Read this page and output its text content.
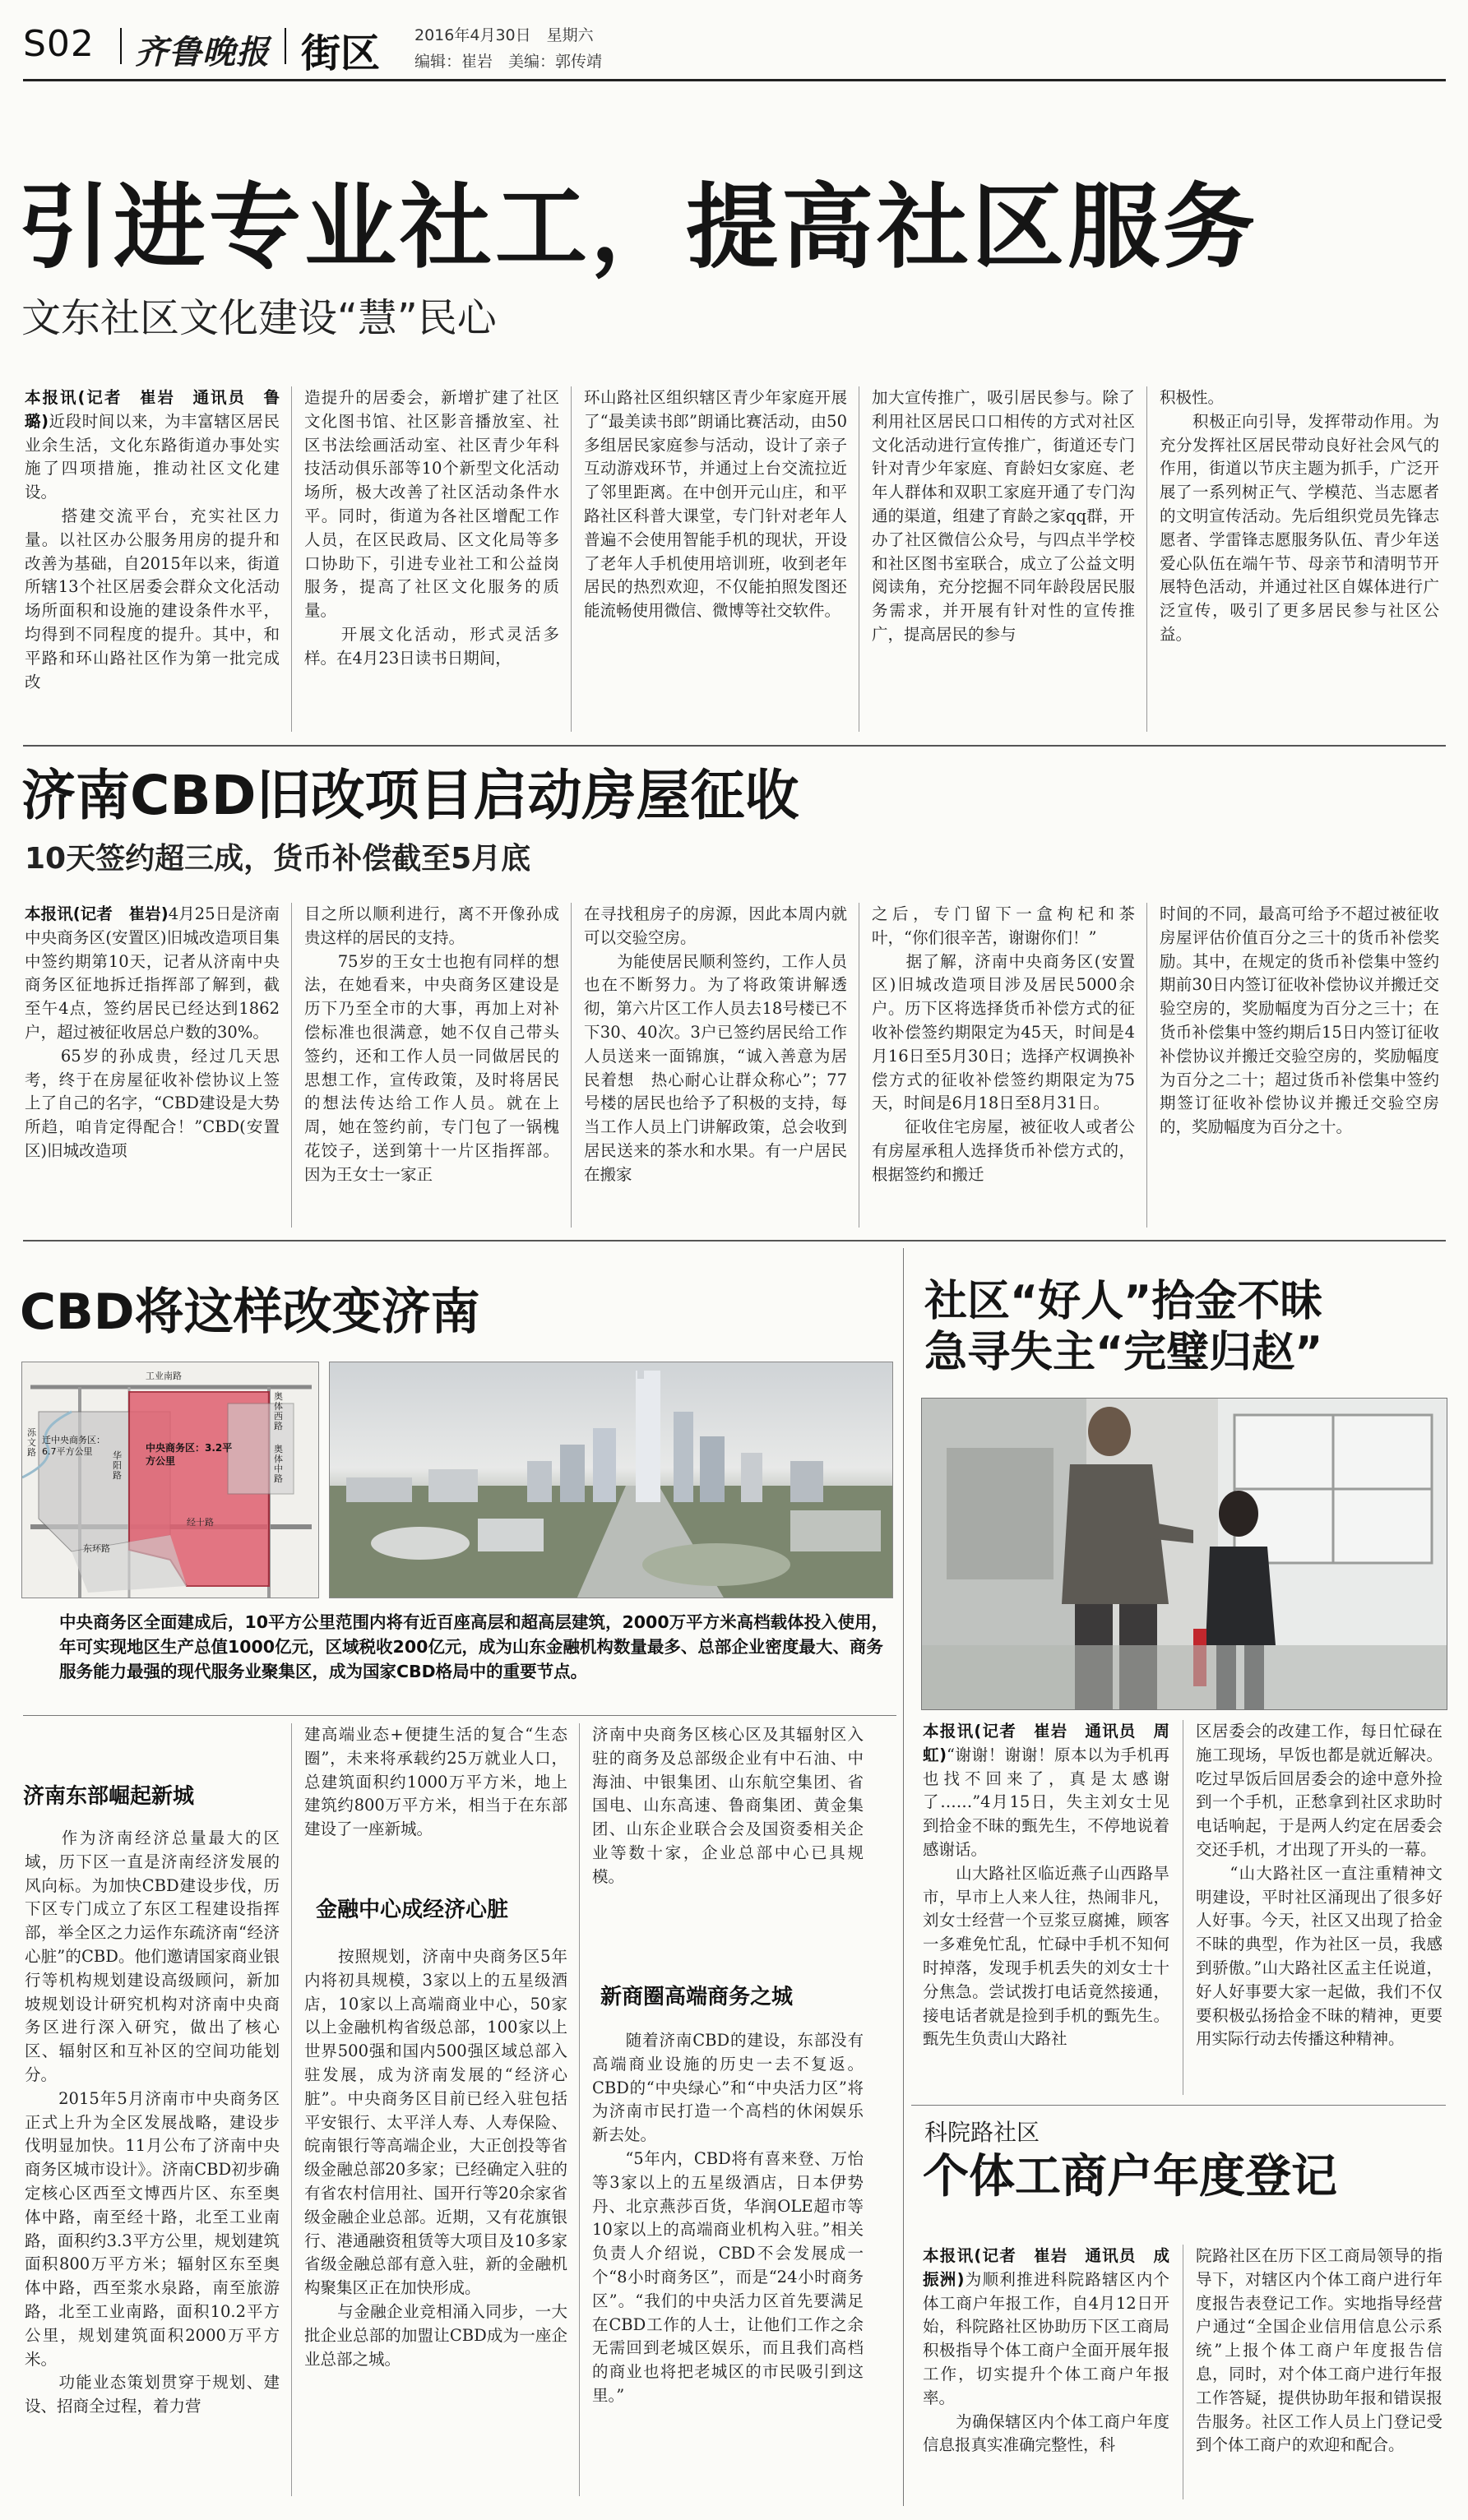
S02 齐鲁晚报 街区 2016年4月30日　星期六
编辑：崔岩　美编：郭传靖
引进专业社工，提高社区服务
文东社区文化建设“慧”民心
本报讯(记者　崔岩　通讯员　鲁璐)近段时间以来，为丰富辖区居民业余生活，文化东路街道办事处实施了四项措施，推动社区文化建设。
　　搭建交流平台，充实社区力量。以社区办公服务用房的提升和改善为基础，自2015年以来，街道所辖13个社区居委会群众文化活动场所面积和设施的建设条件水平，均得到不同程度的提升。其中，和平路和环山路社区作为第一批完成改
造提升的居委会，新增扩建了社区文化图书馆、社区影音播放室、社区书法绘画活动室、社区青少年科技活动俱乐部等10个新型文化活动场所，极大改善了社区活动条件水平。同时，街道为各社区增配工作人员，在区民政局、区文化局等多口协助下，引进专业社工和公益岗服务，提高了社区文化服务的质量。
　　开展文化活动，形式灵活多样。在4月23日读书日期间，
环山路社区组织辖区青少年家庭开展了“最美读书郎”朗诵比赛活动，由50多组居民家庭参与活动，设计了亲子互动游戏环节，并通过上台交流拉近了邻里距离。在中创开元山庄，和平路社区科普大课堂，专门针对老年人普遍不会使用智能手机的现状，开设了老年人手机使用培训班，收到老年居民的热烈欢迎，不仅能拍照发图还能流畅使用微信、微博等社交软件。
加大宣传推广，吸引居民参与。除了利用社区居民口口相传的方式对社区文化活动进行宣传推广，街道还专门针对青少年家庭、育龄妇女家庭、老年人群体和双职工家庭开通了专门沟通的渠道，组建了育龄之家qq群，开办了社区微信公众号，与四点半学校和社区图书室联合，成立了公益文明阅读角，充分挖掘不同年龄段居民服务需求，并开展有针对性的宣传推广，提高居民的参与
积极性。
　　积极正向引导，发挥带动作用。为充分发挥社区居民带动良好社会风气的作用，街道以节庆主题为抓手，广泛开展了一系列树正气、学模范、当志愿者的文明宣传活动。先后组织党员先锋志愿者、学雷锋志愿服务队伍、青少年送爱心队伍在端午节、母亲节和清明节开展特色活动，并通过社区自媒体进行广泛宣传，吸引了更多居民参与社区公益。
济南CBD旧改项目启动房屋征收
10天签约超三成，货币补偿截至5月底
本报讯(记者　崔岩)4月25日是济南中央商务区(安置区)旧城改造项目集中签约期第10天，记者从济南中央商务区征地拆迁指挥部了解到，截至午4点，签约居民已经达到1862户，超过被征收居总户数的30%。
　　65岁的孙成贵，经过几天思考，终于在房屋征收补偿协议上签上了自己的名字，“CBD建设是大势所趋，咱肯定得配合！”CBD(安置区)旧城改造项
目之所以顺利进行，离不开像孙成贵这样的居民的支持。
　　75岁的王女士也抱有同样的想法，在她看来，中央商务区建设是历下乃至全市的大事，再加上对补偿标准也很满意，她不仅自己带头签约，还和工作人员一同做居民的思想工作，宣传政策，及时将居民的想法传达给工作人员。就在上周，她在签约前，专门包了一锅槐花饺子，送到第十一片区指挥部。因为王女士一家正
在寻找租房子的房源，因此本周内就可以交验空房。
　　为能使居民顺利签约，工作人员也在不断努力。为了将政策讲解透彻，第六片区工作人员去18号楼已不下30、40次。3户已签约居民给工作人员送来一面锦旗，“诚入善意为居民着想　热心耐心让群众称心”；77号楼的居民也给予了积极的支持，每当工作人员上门讲解政策，总会收到居民送来的茶水和水果。有一户居民在搬家
之后，专门留下一盒枸杞和茶叶，“你们很辛苦，谢谢你们！”
　　据了解，济南中央商务区(安置区)旧城改造项目涉及居民5000余户。历下区将选择货币补偿方式的征收补偿签约期限定为45天，时间是4月16日至5月30日；选择产权调换补偿方式的征收补偿签约期限定为75天，时间是6月18日至8月31日。
　　征收住宅房屋，被征收人或者公有房屋承租人选择货币补偿方式的，根据签约和搬迁
时间的不同，最高可给予不超过被征收房屋评估价值百分之三十的货币补偿奖励。其中，在规定的货币补偿集中签约期前30日内签订征收补偿协议并搬迁交验空房的，奖励幅度为百分之三十；在货币补偿集中签约期后15日内签订征收补偿协议并搬迁交验空房的，奖励幅度为百分之二十；超过货币补偿集中签约期签订征收补偿协议并搬迁交验空房的，奖励幅度为百分之十。
CBD将这样改变济南
工业南路
奥体西路
奥体中路
经十路
华阳路
中央商务区：3.2平方公里
泺文路
迁中央商务区：6.7平方公里
东环路
中央商务区全面建成后，10平方公里范围内将有近百座高层和超高层建筑，2000万平方米高档载体投入使用，年可实现地区生产总值1000亿元，区域税收200亿元，成为山东金融机构数量最多、总部企业密度最大、商务服务能力最强的现代服务业聚集区，成为国家CBD格局中的重要节点。
济南东部崛起新城
　　作为济南经济总量最大的区域，历下区一直是济南经济发展的风向标。为加快CBD建设步伐，历下区专门成立了东区工程建设指挥部，举全区之力运作东疏济南“经济心脏”的CBD。他们邀请国家商业银行等机构规划建设高级顾问，新加坡规划设计研究机构对济南中央商务区进行深入研究，做出了核心区、辐射区和互补区的空间功能划分。
　　2015年5月济南市中央商务区正式上升为全区发展战略，建设步伐明显加快。11月公布了济南中央商务区城市设计》。济南CBD初步确定核心区西至文博西片区、东至奥体中路，南至经十路，北至工业南路，面积约3.3平方公里，规划建筑面积800万平方米；辐射区东至奥体中路，西至浆水泉路，南至旅游路，北至工业南路，面积10.2平方公里，规划建筑面积2000万平方米。
　　功能业态策划贯穿于规划、建设、招商全过程，着力营
建高端业态+便捷生活的复合“生态圈”，未来将承载约25万就业人口，总建筑面积约1000万平方米，地上建筑约800万平方米，相当于在东部建设了一座新城。
金融中心成经济心脏
　　按照规划，济南中央商务区5年内将初具规模，3家以上的五星级酒店，10家以上高端商业中心，50家以上金融机构省级总部，100家以上世界500强和国内500强区域总部入驻发展，成为济南发展的“经济心脏”。中央商务区目前已经入驻包括平安银行、太平洋人寿、人寿保险、皖南银行等高端企业，大正创投等省级金融总部20多家；已经确定入驻的有省农村信用社、国开行等20余家省级金融企业总部。近期，又有花旗银行、港通融资租赁等大项目及10多家省级金融总部有意入驻，新的金融机构聚集区正在加快形成。
　　与金融企业竞相涌入同步，一大批企业总部的加盟让CBD成为一座企业总部之城。
济南中央商务区核心区及其辐射区入驻的商务及总部级企业有中石油、中海油、中银集团、山东航空集团、省国电、山东高速、鲁商集团、黄金集团、山东企业联合会及国资委相关企业等数十家，企业总部中心已具规模。
新商圈高端商务之城
　　随着济南CBD的建设，东部没有高端商业设施的历史一去不复返。CBD的“中央绿心”和“中央活力区”将为济南市民打造一个高档的休闲娱乐新去处。
　　“5年内，CBD将有喜来登、万怡等3家以上的五星级酒店，日本伊势丹、北京燕莎百货，华润OLE超市等10家以上的高端商业机构入驻。”相关负责人介绍说，CBD不会发展成一个“8小时商务区”，而是“24小时商务区”。“我们的中央活力区首先要满足在CBD工作的人士，让他们工作之余无需回到老城区娱乐，而且我们高档的商业也将把老城区的市民吸引到这里。”
社区“好人”拾金不昧
急寻失主“完璧归赵”
本报讯(记者　崔岩　通讯员　周虹)“谢谢！谢谢！原本以为手机再也找不回来了，真是太感谢了……”4月15日，失主刘女士见到拾金不昧的甄先生，不停地说着感谢话。
　　山大路社区临近燕子山西路旱市，早市上人来人往，热闹非凡，刘女士经营一个豆浆豆腐摊，顾客一多难免忙乱，忙碌中手机不知何时掉落，发现手机丢失的刘女士十分焦急。尝试拨打电话竟然接通，接电话者就是捡到手机的甄先生。甄先生负责山大路社
区居委会的改建工作，每日忙碌在施工现场，早饭也都是就近解决。吃过早饭后回居委会的途中意外捡到一个手机，正愁拿到社区求助时电话响起，于是两人约定在居委会交还手机，才出现了开头的一幕。
　　“山大路社区一直注重精神文明建设，平时社区涌现出了很多好人好事。今天，社区又出现了拾金不昧的典型，作为社区一员，我感到骄傲。”山大路社区孟主任说道，好人好事要大家一起做，我们不仅要积极弘扬拾金不昧的精神，更要用实际行动去传播这种精神。
科院路社区
个体工商户年度登记
本报讯(记者　崔岩　通讯员　成振洲)为顺利推进科院路辖区内个体工商户年报工作，自4月12日开始，科院路社区协助历下区工商局积极指导个体工商户全面开展年报工作，切实提升个体工商户年报率。
　　为确保辖区内个体工商户年度信息报真实准确完整性，科
院路社区在历下区工商局领导的指导下，对辖区内个体工商户进行年度报告表登记工作。实地指导经营户通过“全国企业信用信息公示系统”上报个体工商户年度报告信息，同时，对个体工商户进行年报工作答疑，提供协助年报和错误报告服务。社区工作人员上门登记受到个体工商户的欢迎和配合。
